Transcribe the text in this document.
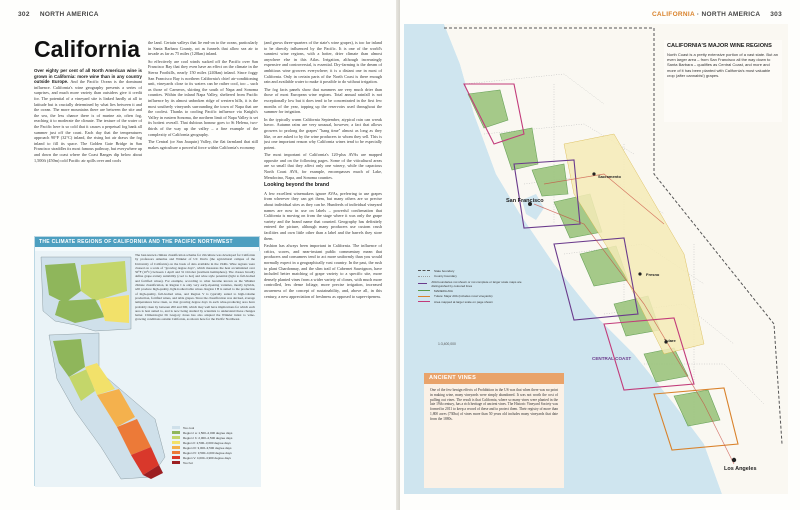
302 NORTH AMERICA
California

Over eighty per cent of all North American wine is grown in California: more wine than in any country outside Europe. And the Pacific Ocean is the dominant influence. California's wine geography presents a series of surprises, and much more variety than outsiders give it credit for. The potential of a vineyard site is linked hardly at all to latitude but is crucially determined by what lies between it and the ocean. The more mountains there are between the site and the sea, the less chance there is of marine air, often fog, reaching it to moderate the climate. The texture of the water of the Pacific here is so cold that it causes a perpetual fog bank all summer just off the coast. Each day that the temperatures approach 90°F (32°C) inland, the rising hot air draws the fog inland to fill its space. The Golden Gate Bridge in San Francisco straddles its most famous pathway, but everywhere up and down the coast where the Coast Ranges dip below about 1,500ft (450m) cold Pacific air spills over and cools

the land. Certain valleys that lie end-on to the ocean, particularly in Santa Barbara County, act as funnels that allow sea air to invade as far as 75 miles (120km) inland.

So effectively are cool winds sucked off the Pacific over San Francisco Bay that they even have an effect on the climate in the Sierra Foothills, nearly 150 miles (240km) inland. Since foggy San Francisco Bay is northern California's chief air-conditioning unit, vineyards close to its waters can be rather cool, too – such as those of Carneros, skirting the south of Napa and Sonoma counties. Within the inland Napa Valley, sheltered from Pacific influence by its almost unbroken ridge of western hills, it is the most southerly vineyards surrounding the town of Napa that are the coolest. Thanks to cooling Pacific influence via Knight's Valley in eastern Sonoma, the northern limit of Napa Valley is set its hottest overall. That dubious honour goes to St Helena, two-thirds of the way up the valley – a fine example of the complexity of California geography.

The Central (or San Joaquin) Valley, the flat farmland that still makes agriculture a powerful force within California's economy

(and grows three-quarters of the state's wine grapes), is too far inland to be directly influenced by the Pacific. It is one of the world's sunniest wine regions, with a hotter, drier climate than almost anywhere else in this Atlas. Irrigation, although increasingly expensive and controversial, is essential. Dry-farming is the dream of ambitious wine growers everywhere; it is a distant one in most of California. Only in certain parts of the North Coast is there enough rain and available water to make it possible to do without irrigation.

The fog facts panels show that summers are very much drier than those of most European wine regions. Total annual rainfall is not exceptionally low but it does tend to be concentrated in the first few months of the year, topping up the reservoirs used throughout the summer for irrigation.

In the typically warm California September, atypical rain can wreak havoc. Autumn rains are very unusual, however, a fact that allows growers to prolong the grapes' "hang time" almost as long as they like, or are asked to by the wine producers to whom they sell. This is just one important reason why California wines tend to be especially potent.

The most important of California's 120-plus AVAs are mapped opposite and on the following pages. Some of the viticultural areas are so small that they affect only one winery, while the capacious North Coast AVA, for example, encompasses much of Lake, Mendocino, Napa, and Sonoma counties.

Looking beyond the brand

A few excellent winemakers ignore AVAs, preferring to use grapes from wherever they can get them, but many others are so precise about individual sites as they can be. Hundreds of individual vineyard names are now in use on labels – powerful confirmation that California is moving on from the stage where it was only the grape variety and the brand name that counted. Geography has definitely entered the picture, although many producers use custom crush facilities and own little other than a label and the barrels they store them.

Fashion has always been important in California. The influence of critics, scores, and near-instant public commentary mean that producers and consumers tend to act more uniformly than you would normally expect in a geographically vast country. In the past, the rush to plant Chardonnay, and the slim trail of Cabernet Sauvignon, have included better matching of grape variety to a specific site, more densely planted vines from a wider variety of clones, with much more controlled, less dense foliage, more precise irrigation, increased awareness of the concept of sustainability, and, above all, in this century, a new appreciation of freshness as opposed to super-ripeness.

THE CLIMATE REGIONS OF CALIFORNIA AND THE PACIFIC NORTHWEST
The best-known climate classification scheme for viticulture was developed for California by professors Amerine and Winkler of UC Davis (the agricultural campus of the University of California) on the basis of data available in the 1940s. Wine regions were classed on a scale of "growing degree days", which measures the heat accumulated over 50°F (10°C) between 1 April and 31 October (northern hemisphere). The classes broadly define grape-variety suitability (cool to hot) and wine style potential (light to full-bodied and fortified wines). For example, according to what became known as the Winkler climate classification, in Region I A only very early-ripening varieties, mostly hybrids, will produce high-quality, light-bodied table wines. Region I B is suited to the production of high-quality, full-bodied wine, and Region V is typically suited to high-volume production, fortified wines, and table grapes. Since the classification was devised, average temperatures have risen, so that growing degree days in each wine-producing area have probably risen by between 200 and 300, which may well have implications for which each area is best suited to, and is now being studied by scientists to understand these changes better. Climatologist Dr Gregory Jones has also adapted the Winkler index to wine-growing conditions outside California, as shown here for the Pacific Northwest.
Too cool
Region I a: 1,500–2,000 degree days
Region I b: 2,000–2,500 degree days
Region II: 2,500–3,000 degree days
Region III: 3,000–3,500 degree days
Region IV: 3,500–4,000 degree days
Region V: 4,000–4,900 degree days
Too hot
CALIFORNIA · NORTH AMERICA 303
San Francisco
Sacramento
Fresno
Tulare
CENTRAL COAST
Los Angeles
CALIFORNIA'S MAJOR WINE REGIONS
North Coast is a pretty extensive portion of a vast state. But an even larger area – from San Francisco all the way down to Santa Barbara – qualifies as Central Coast, and more and more of it has been planted with California's most valuable crop (after cannabis!) grapes.
State boundary
County boundary
AVA boundaries not shown or not complete or larger scale maps are distinguished by coloured lines
MADERA AVA
Tulare: Major AVA (includes most vineyards)
Area mapped at larger scale on page shown
1:3,400,000
ANCIENT VINES
One of the few benign effects of Prohibition in the US was that when there was no point in making wine, many vineyards were simply abandoned. It was not worth the cost of pulling out vines. The result is that California, where so many vines were planted in the late 19th century, has a rich heritage of ancient vines. The Historic Vineyard Society was formed in 2011 to keep a record of these and to protect them. Their registry of more than 1,800 acres (730ha) of vines more than 50 years old includes many vineyards that date from the 1880s.
